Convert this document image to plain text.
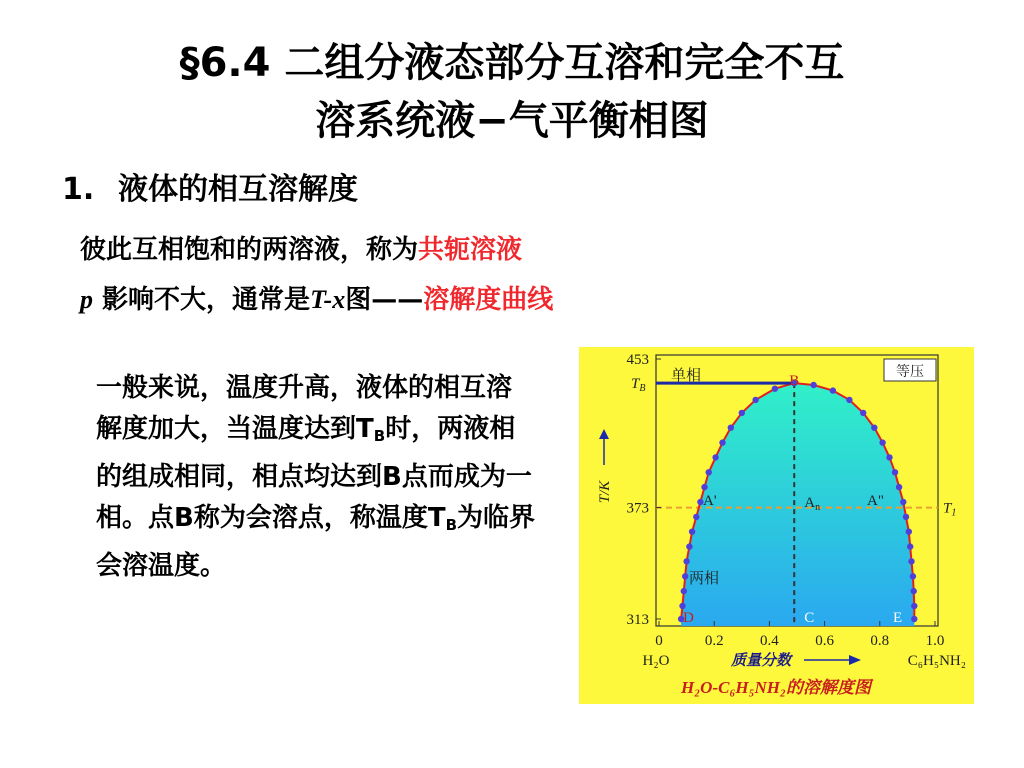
§6.4 二组分液态部分互溶和完全不互
溶系统液−气平衡相图
1. 液体的相互溶解度
彼此互相饱和的两溶液，称为共轭溶液
p 影响不大，通常是T-x图——溶解度曲线
一般来说，温度升高，液体的相互溶解度加大，当温度达到$T_B$时，两液相的组成相同，相点均达到B点而成为一相。点B称为会溶点，称温度$T_B$为临界会溶温度。
313
373
453
$T_B$
0	0.2 0.4 0.6 0.8 1.0
T/K
H₂O	C₆H₅NH₂
质量分数
$T_1$
等压
单相
两相
B
A'	$A_n$	A"
C
D	E
H₂O-C₆H₅NH₂的溶解度图
